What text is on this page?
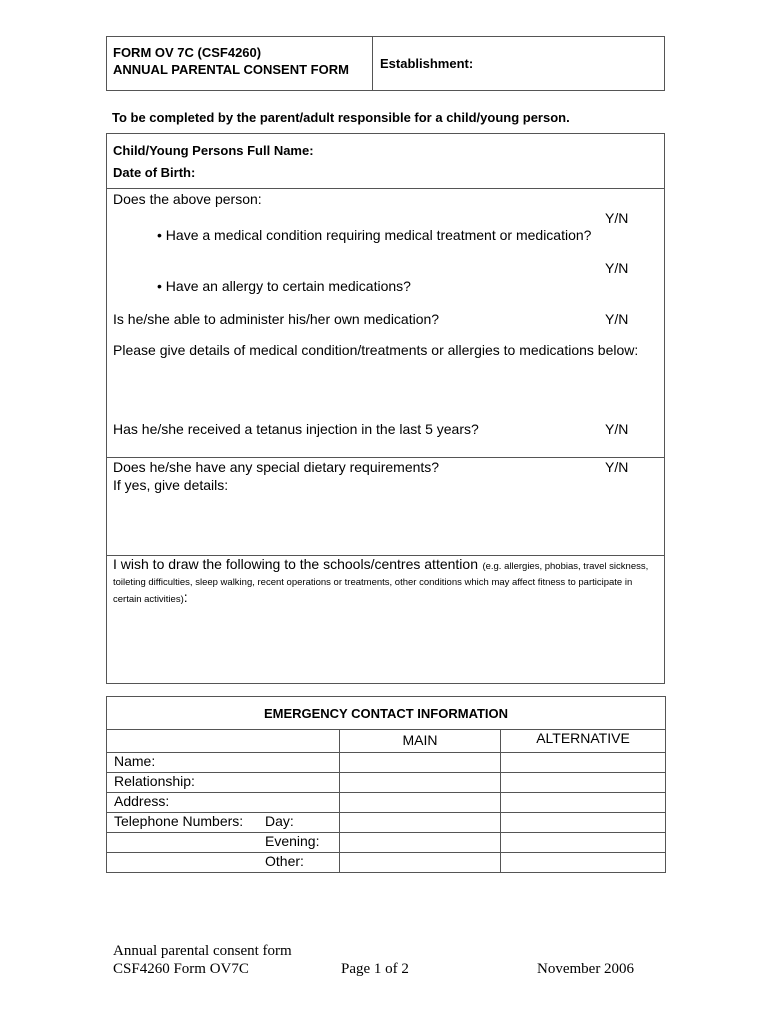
FORM OV 7C (CSF4260)
ANNUAL PARENTAL CONSENT FORM Establishment:
To be completed by the parent/adult responsible for a child/young person.
Child/Young Persons Full Name:
Date of Birth:
Does the above person:
Y/N
• Have a medical condition requiring medical treatment or medication?
Y/N
• Have an allergy to certain medications?
Is he/she able to administer his/her own medication?	Y/N
Please give details of medical condition/treatments or allergies to medications below:
Has he/she received a tetanus injection in the last 5 years?	Y/N
Does he/she have any special dietary requirements?	Y/N
If yes, give details:
I wish to draw the following to the schools/centres attention (e.g. allergies, phobias, travel sickness, toileting difficulties, sleep walking, recent operations or treatments, other conditions which may affect fitness to participate in certain activities):
EMERGENCY CONTACT INFORMATION		
	MAIN	ALTERNATIVE
Name:		
Relationship:		
Address:		
Telephone Numbers: Day:		
Evening:		
Other:		
Annual parental consent form
CSF4260 Form OV7C	Page 1 of 2	November 2006
